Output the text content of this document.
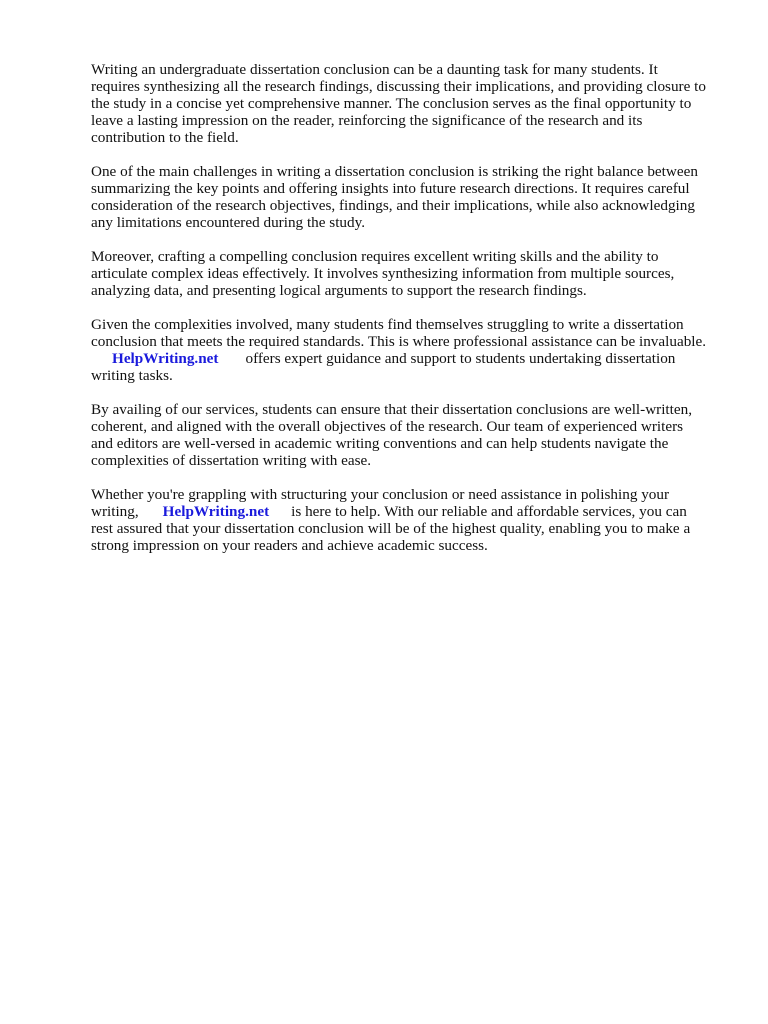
Writing an undergraduate dissertation conclusion can be a daunting task for many students. It
requires synthesizing all the research findings, discussing their implications, and providing closure to
the study in a concise yet comprehensive manner. The conclusion serves as the final opportunity to
leave a lasting impression on the reader, reinforcing the significance of the research and its
contribution to the field.

One of the main challenges in writing a dissertation conclusion is striking the right balance between
summarizing the key points and offering insights into future research directions. It requires careful
consideration of the research objectives, findings, and their implications, while also acknowledging
any limitations encountered during the study.

Moreover, crafting a compelling conclusion requires excellent writing skills and the ability to
articulate complex ideas effectively. It involves synthesizing information from multiple sources,
analyzing data, and presenting logical arguments to support the research findings.

Given the complexities involved, many students find themselves struggling to write a dissertation
conclusion that meets the required standards. This is where professional assistance can be invaluable.
HelpWriting.net offers expert guidance and support to students undertaking dissertation
writing tasks.

By availing of our services, students can ensure that their dissertation conclusions are well-written,
coherent, and aligned with the overall objectives of the research. Our team of experienced writers
and editors are well-versed in academic writing conventions and can help students navigate the
complexities of dissertation writing with ease.

Whether you're grappling with structuring your conclusion or need assistance in polishing your
writing, HelpWriting.net is here to help. With our reliable and affordable services, you can
rest assured that your dissertation conclusion will be of the highest quality, enabling you to make a
strong impression on your readers and achieve academic success.
